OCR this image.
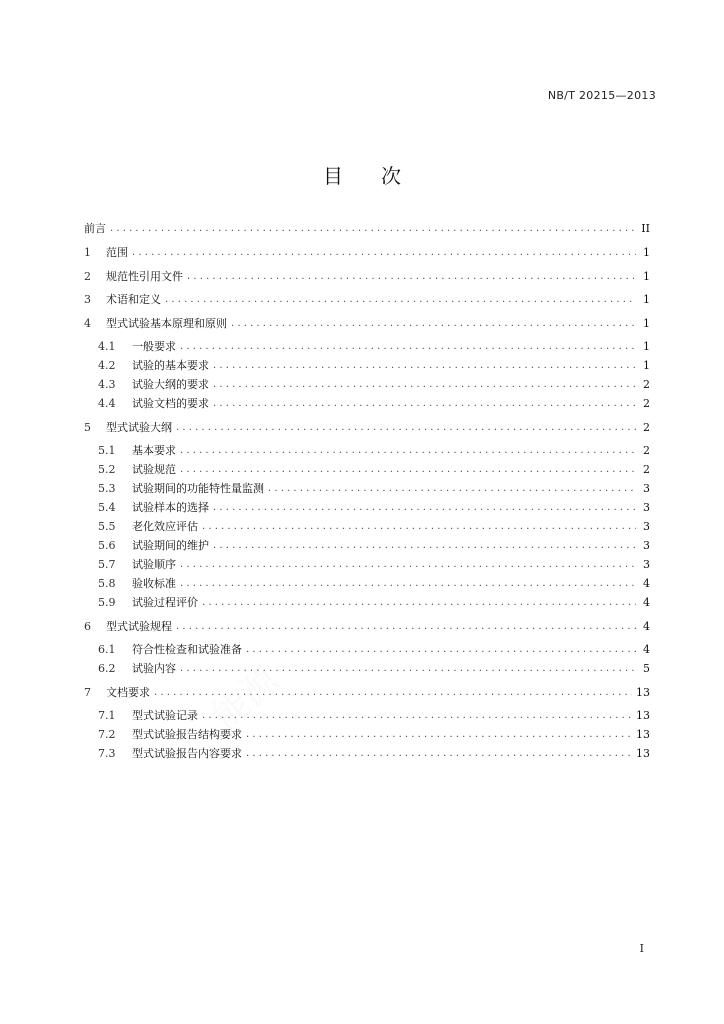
NB/T 20215—2013
目 次
前言 . . .	II
1	范围 . . .	1
2	规范性引用文件 . . .	1
3	术语和定义 . . .	1
4	型式试验基本原理和原则 . . .	1
4.1	一般要求 . . .	1
4.2	试验的基本要求 . . .	1
4.3	试验大纲的要求 . . .	2
4.4	试验文档的要求 . . .	2
5	型式试验大纲 . . .	2
5.1	基本要求 . . .	2
5.2	试验规范 . . .	2
5.3	试验期间的功能特性量监测 . . .	3
5.4	试验样本的选择 . . .	3
5.5	老化效应评估 . . .	3
5.6	试验期间的维护 . . .	3
5.7	试验顺序 . . .	3
5.8	验收标准 . . .	4
5.9	试验过程评价 . . .	4
6	型式试验规程 . . .	4
6.1	符合性检查和试验准备 . . .	4
6.2	试验内容 . . .	5
7	文档要求 . . .	13
7.1	型式试验记录 . . .	13
7.2	型式试验报告结构要求 . . .	13
7.3	型式试验报告内容要求 . . .	13
I
能源
